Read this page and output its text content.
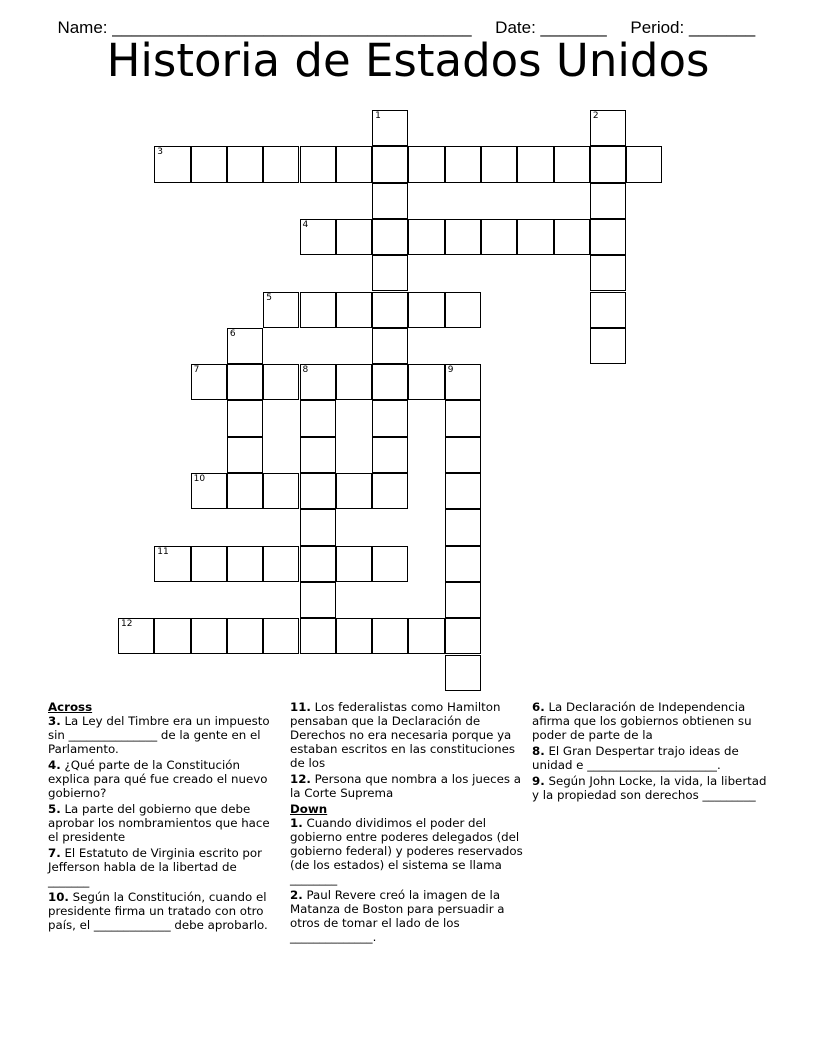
Name: ______________________________________ Date: _______ Period: _______

Historia de Estados Unidos
1	2
3
4
5
6
7	8	9
10
11
12
Across
3. La Ley del Timbre era un impuesto sin _______________ de la gente en el Parlamento.
4. ¿Qué parte de la Constitución explica para qué fue creado el nuevo gobierno?
5. La parte del gobierno que debe aprobar los nombramientos que hace el presidente
7. El Estatuto de Virginia escrito por Jefferson habla de la libertad de _______
10. Según la Constitución, cuando el presidente firma un tratado con otro país, el _____________ debe aprobarlo.
11. Los federalistas como Hamilton pensaban que la Declaración de Derechos no era necesaria porque ya estaban escritos en las constituciones de los
12. Persona que nombra a los jueces a la Corte Suprema
Down
1. Cuando dividimos el poder del gobierno entre poderes delegados (del gobierno federal) y poderes reservados (de los estados) el sistema se llama ________
2. Paul Revere creó la imagen de la Matanza de Boston para persuadir a otros de tomar el lado de los ______________.
6. La Declaración de Independencia afirma que los gobiernos obtienen su poder de parte de la
8. El Gran Despertar trajo ideas de unidad e ______________________.
9. Según John Locke, la vida, la libertad y la propiedad son derechos _________
